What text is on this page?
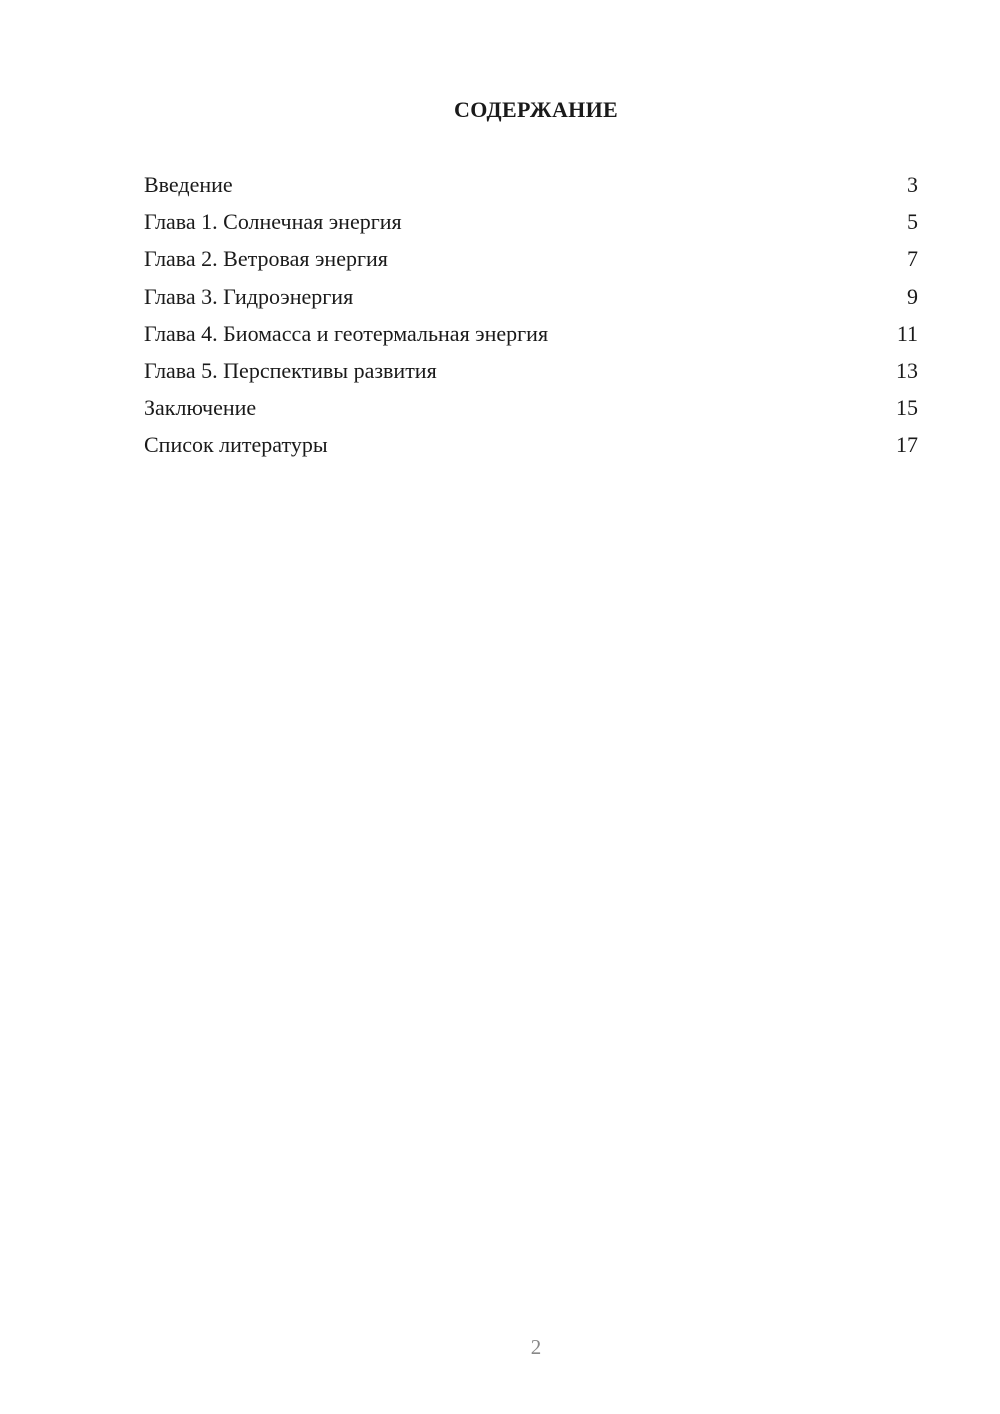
СОДЕРЖАНИЕ
Введение	3
Глава 1. Солнечная энергия	5
Глава 2. Ветровая энергия	7
Глава 3. Гидроэнергия	9
Глава 4. Биомасса и геотермальная энергия	11
Глава 5. Перспективы развития	13
Заключение	15
Список литературы	17
2
